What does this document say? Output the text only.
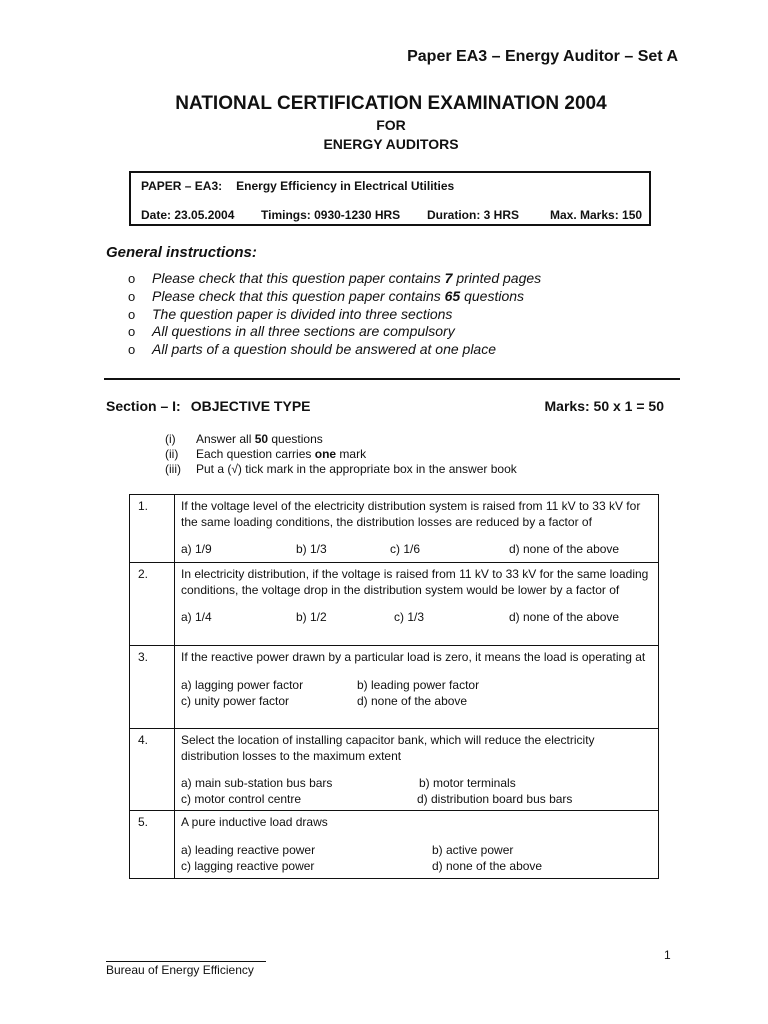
Paper EA3 – Energy Auditor – Set A
NATIONAL CERTIFICATION EXAMINATION 2004
FOR
ENERGY AUDITORS
PAPER – EA3: Energy Efficiency in Electrical Utilities
Date: 23.05.2004 Timings: 0930-1230 HRS Duration: 3 HRS	Max. Marks: 150
General instructions:
o Please check that this question paper contains 7 printed pages
o Please check that this question paper contains 65 questions
o The question paper is divided into three sections
o All questions in all three sections are compulsory
o All parts of a question should be answered at one place
Section – I: OBJECTIVE TYPE	Marks: 50 x 1 = 50
(i) Answer all 50 questions
(ii) Each question carries one mark
(iii) Put a (√) tick mark in the appropriate box in the answer book
1.	If the voltage level of the electricity distribution system is raised from 11 kV to 33 kV for the same loading conditions, the distribution losses are reduced by a factor of
a) 1/9 b) 1/3 c) 1/6 d) none of the above

2.	In electricity distribution, if the voltage is raised from 11 kV to 33 kV for the same loading conditions, the voltage drop in the distribution system would be lower by a factor of
a) 1/4 b) 1/2 c) 1/3 d) none of the above

3.	If the reactive power drawn by a particular load is zero, it means the load is operating at
a) lagging power factor b) leading power factor
c) unity power factor d) none of the above

4.	Select the location of installing capacitor bank, which will reduce the electricity distribution losses to the maximum extent
a) main sub-station bus bars b) motor terminals
c) motor control centre d) distribution board bus bars

5.	A pure inductive load draws
a) leading reactive power b) active power
c) lagging reactive power d) none of the above
1
Bureau of Energy Efficiency
